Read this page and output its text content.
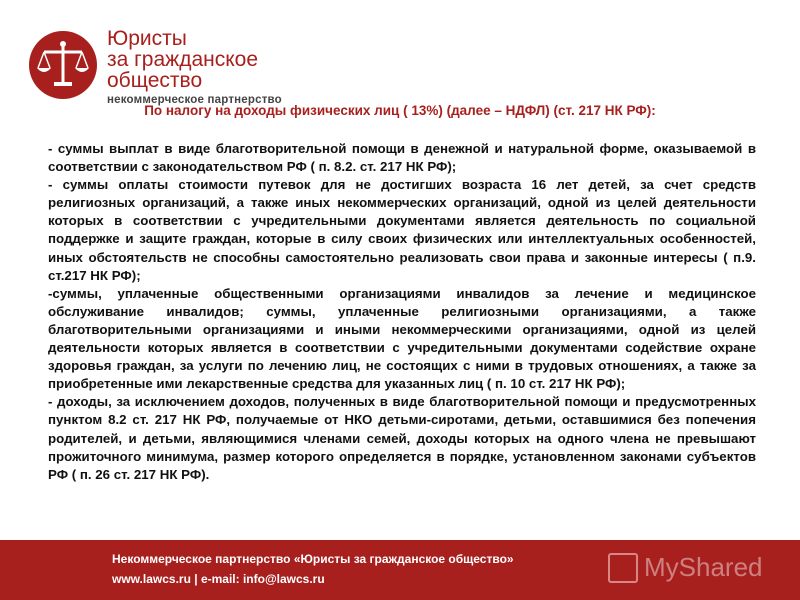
Юристы
за гражданское
общество
некоммерческое партнерство
По налогу на доходы физических лиц ( 13%) (далее – НДФЛ) (ст. 217 НК РФ):

- суммы выплат в виде благотворительной помощи в денежной и натуральной форме, оказываемой в соответствии с законодательством РФ ( п. 8.2. ст. 217 НК РФ);

- суммы оплаты стоимости путевок для не достигших возраста 16 лет детей, за счет средств религиозных организаций, а также иных некоммерческих организаций, одной из целей деятельности которых в соответствии с учредительными документами является деятельность по социальной поддержке и защите граждан, которые в силу своих физических или интеллектуальных особенностей, иных обстоятельств не способны самостоятельно реализовать свои права и законные интересы ( п.9. ст.217 НК РФ);

-суммы, уплаченные общественными организациями инвалидов за лечение и медицинское обслуживание инвалидов; суммы, уплаченные религиозными организациями, а также благотворительными организациями и иными некоммерческими организациями, одной из целей деятельности которых является в соответствии с учредительными документами содействие охране здоровья граждан, за услуги по лечению лиц, не состоящих с ними в трудовых отношениях, а также за приобретенные ими лекарственные средства для указанных лиц ( п. 10 ст. 217 НК РФ);

- доходы, за исключением доходов, полученных в виде благотворительной помощи и предусмотренных пунктом 8.2 ст. 217 НК РФ, получаемые от НКО детьми-сиротами, детьми, оставшимися без попечения родителей, и детьми, являющимися членами семей, доходы которых на одного члена не превышают прожиточного минимума, размер которого определяется в порядке, установленном законами субъектов РФ ( п. 26 ст. 217 НК РФ).

Некоммерческое партнерство «Юристы за гражданское общество»
www.lawcs.ru | e-mail: info@lawcs.ru	MyShared
